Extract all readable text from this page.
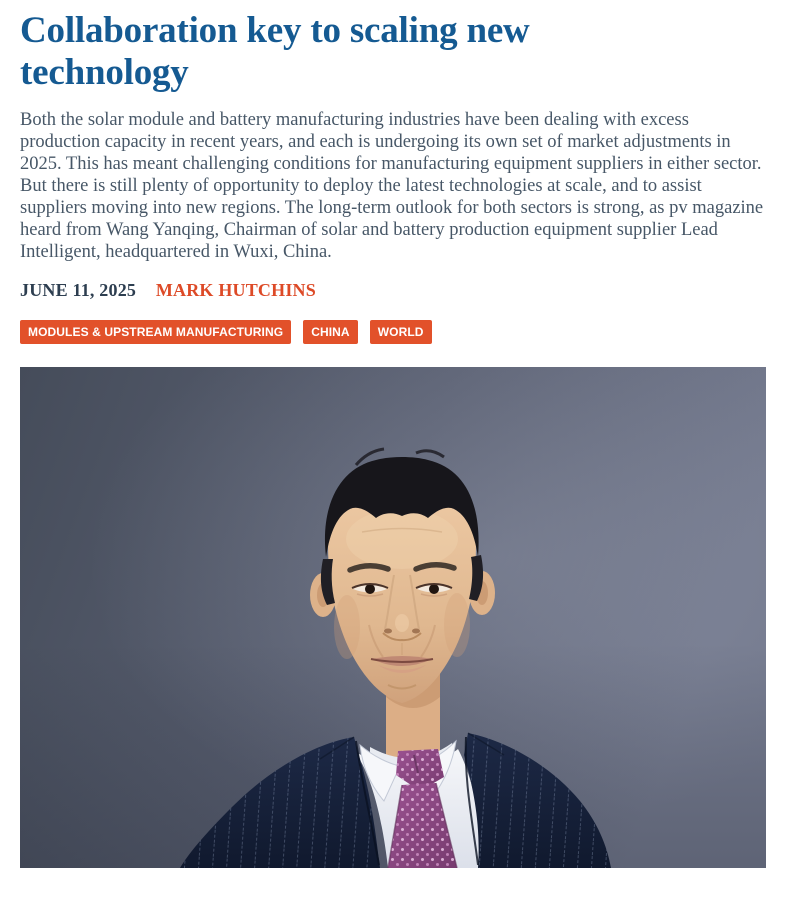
Collaboration key to scaling new
technology

Both the solar module and battery manufacturing industries have been dealing with excess production capacity in recent years, and each is undergoing its own set of market adjustments in 2025. This has meant challenging conditions for manufacturing equipment suppliers in either sector. But there is still plenty of opportunity to deploy the latest technologies at scale, and to assist suppliers moving into new regions. The long-term outlook for both sectors is strong, as pv magazine heard from Wang Yanqing, Chairman of solar and battery production equipment supplier Lead Intelligent, headquartered in Wuxi, China.

JUNE 11, 2025 MARK HUTCHINS
MODULES & UPSTREAM MANUFACTURING	CHINA	WORLD
